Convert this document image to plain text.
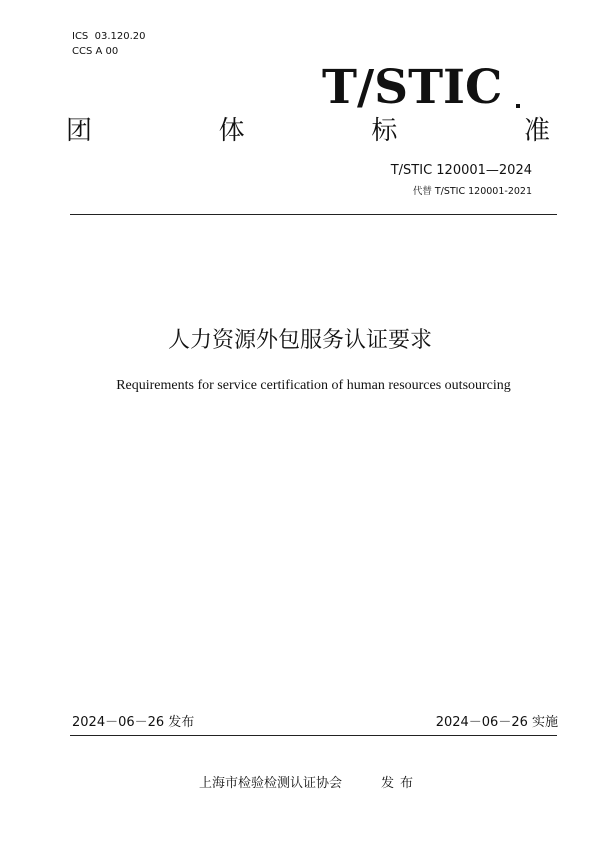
ICS 03.120.20
CCS A 00
T/STIC
团	体	标	准
T/STIC 120001—2024
代替 T/STIC 120001-2021
人力资源外包服务认证要求
Requirements for service certification of human resources outsourcing
2024－06－26 发布	2024－06－26 实施
上海市检验检测认证协会	发布
